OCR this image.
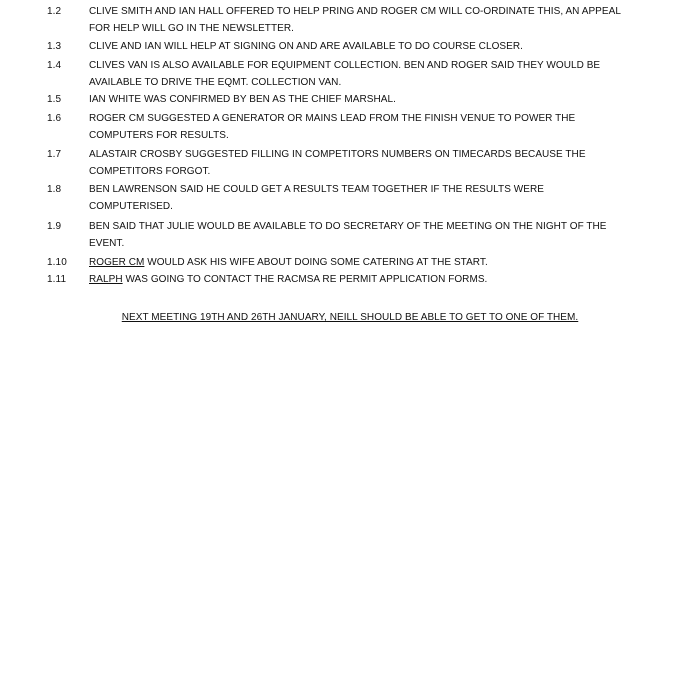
1.2	CLIVE SMITH AND IAN HALL OFFERED TO HELP PRING AND ROGER CM WILL CO-ORDINATE THIS, AN APPEAL
FOR HELP WILL GO IN THE NEWSLETTER.
1.3	CLIVE AND IAN WILL HELP AT SIGNING ON AND ARE AVAILABLE TO DO COURSE CLOSER.
1.4	CLIVES VAN IS ALSO AVAILABLE FOR EQUIPMENT COLLECTION. BEN AND ROGER SAID THEY WOULD BE
AVAILABLE TO DRIVE THE EQMT. COLLECTION VAN.
1.5	IAN WHITE WAS CONFIRMED BY BEN AS THE CHIEF MARSHAL.
1.6	ROGER CM SUGGESTED A GENERATOR OR MAINS LEAD FROM THE FINISH VENUE TO POWER THE
COMPUTERS FOR RESULTS.
1.7	ALASTAIR CROSBY SUGGESTED FILLING IN COMPETITORS NUMBERS ON TIMECARDS BECAUSE THE
COMPETITORS FORGOT.
1.8	BEN LAWRENSON SAID HE COULD GET A RESULTS TEAM TOGETHER IF THE RESULTS WERE
COMPUTERISED.
1.9	BEN SAID THAT JULIE WOULD BE AVAILABLE TO DO SECRETARY OF THE MEETING ON THE NIGHT OF THE
EVENT.
1.10 ROGER CM WOULD ASK HIS WIFE ABOUT DOING SOME CATERING AT THE START.
1.11 RALPH WAS GOING TO CONTACT THE RACMSA RE PERMIT APPLICATION FORMS.
NEXT MEETING 19TH AND 26TH JANUARY, NEILL SHOULD BE ABLE TO GET TO ONE OF THEM.
